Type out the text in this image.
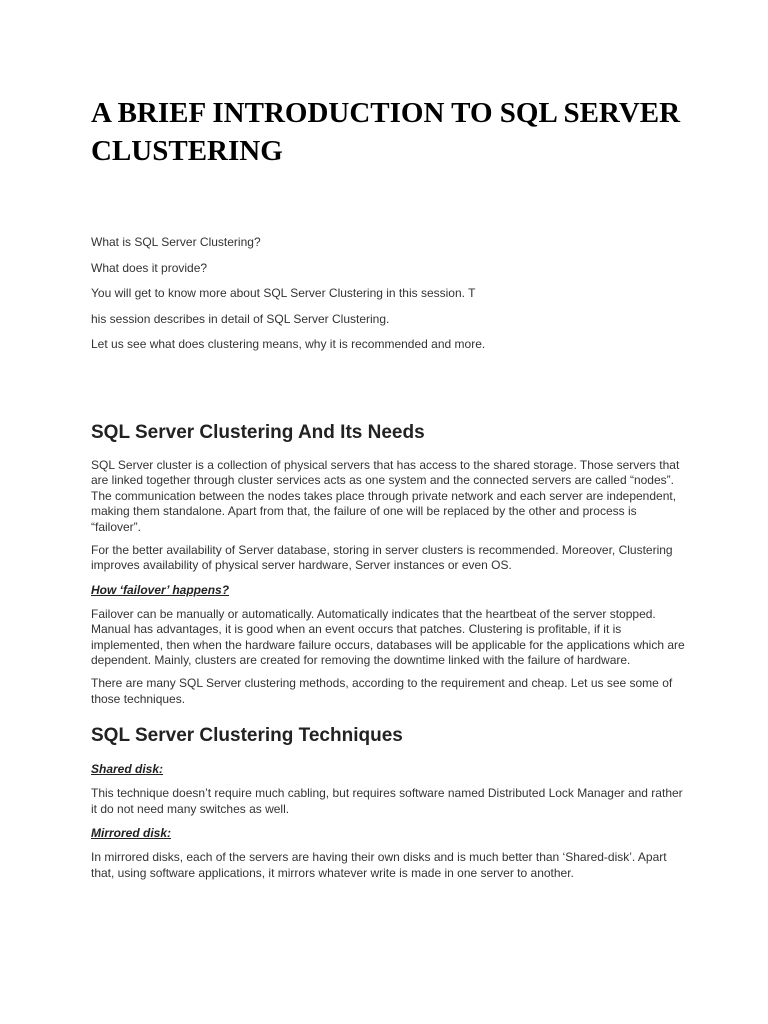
A BRIEF INTRODUCTION TO SQL SERVER CLUSTERING

What is SQL Server Clustering?

What does it provide?

You will get to know more about SQL Server Clustering in this session. T

his session describes in detail of SQL Server Clustering.

Let us see what does clustering means, why it is recommended and more.

SQL Server Clustering And Its Needs

SQL Server cluster is a collection of physical servers that has access to the shared storage. Those servers that are linked together through cluster services acts as one system and the connected servers are called “nodes”. The communication between the nodes takes place through private network and each server are independent, making them standalone. Apart from that, the failure of one will be replaced by the other and process is “failover”.

For the better availability of Server database, storing in server clusters is recommended. Moreover, Clustering improves availability of physical server hardware, Server instances or even OS.

How ‘failover’ happens?

Failover can be manually or automatically. Automatically indicates that the heartbeat of the server stopped. Manual has advantages, it is good when an event occurs that patches. Clustering is profitable, if it is implemented, then when the hardware failure occurs, databases will be applicable for the applications which are dependent. Mainly, clusters are created for removing the downtime linked with the failure of hardware.

There are many SQL Server clustering methods, according to the requirement and cheap. Let us see some of those techniques.

SQL Server Clustering Techniques
Shared disk:

This technique doesn’t require much cabling, but requires software named Distributed Lock Manager and rather it do not need many switches as well.

Mirrored disk:

In mirrored disks, each of the servers are having their own disks and is much better than ‘Shared-disk’. Apart that, using software applications, it mirrors whatever write is made in one server to another.
